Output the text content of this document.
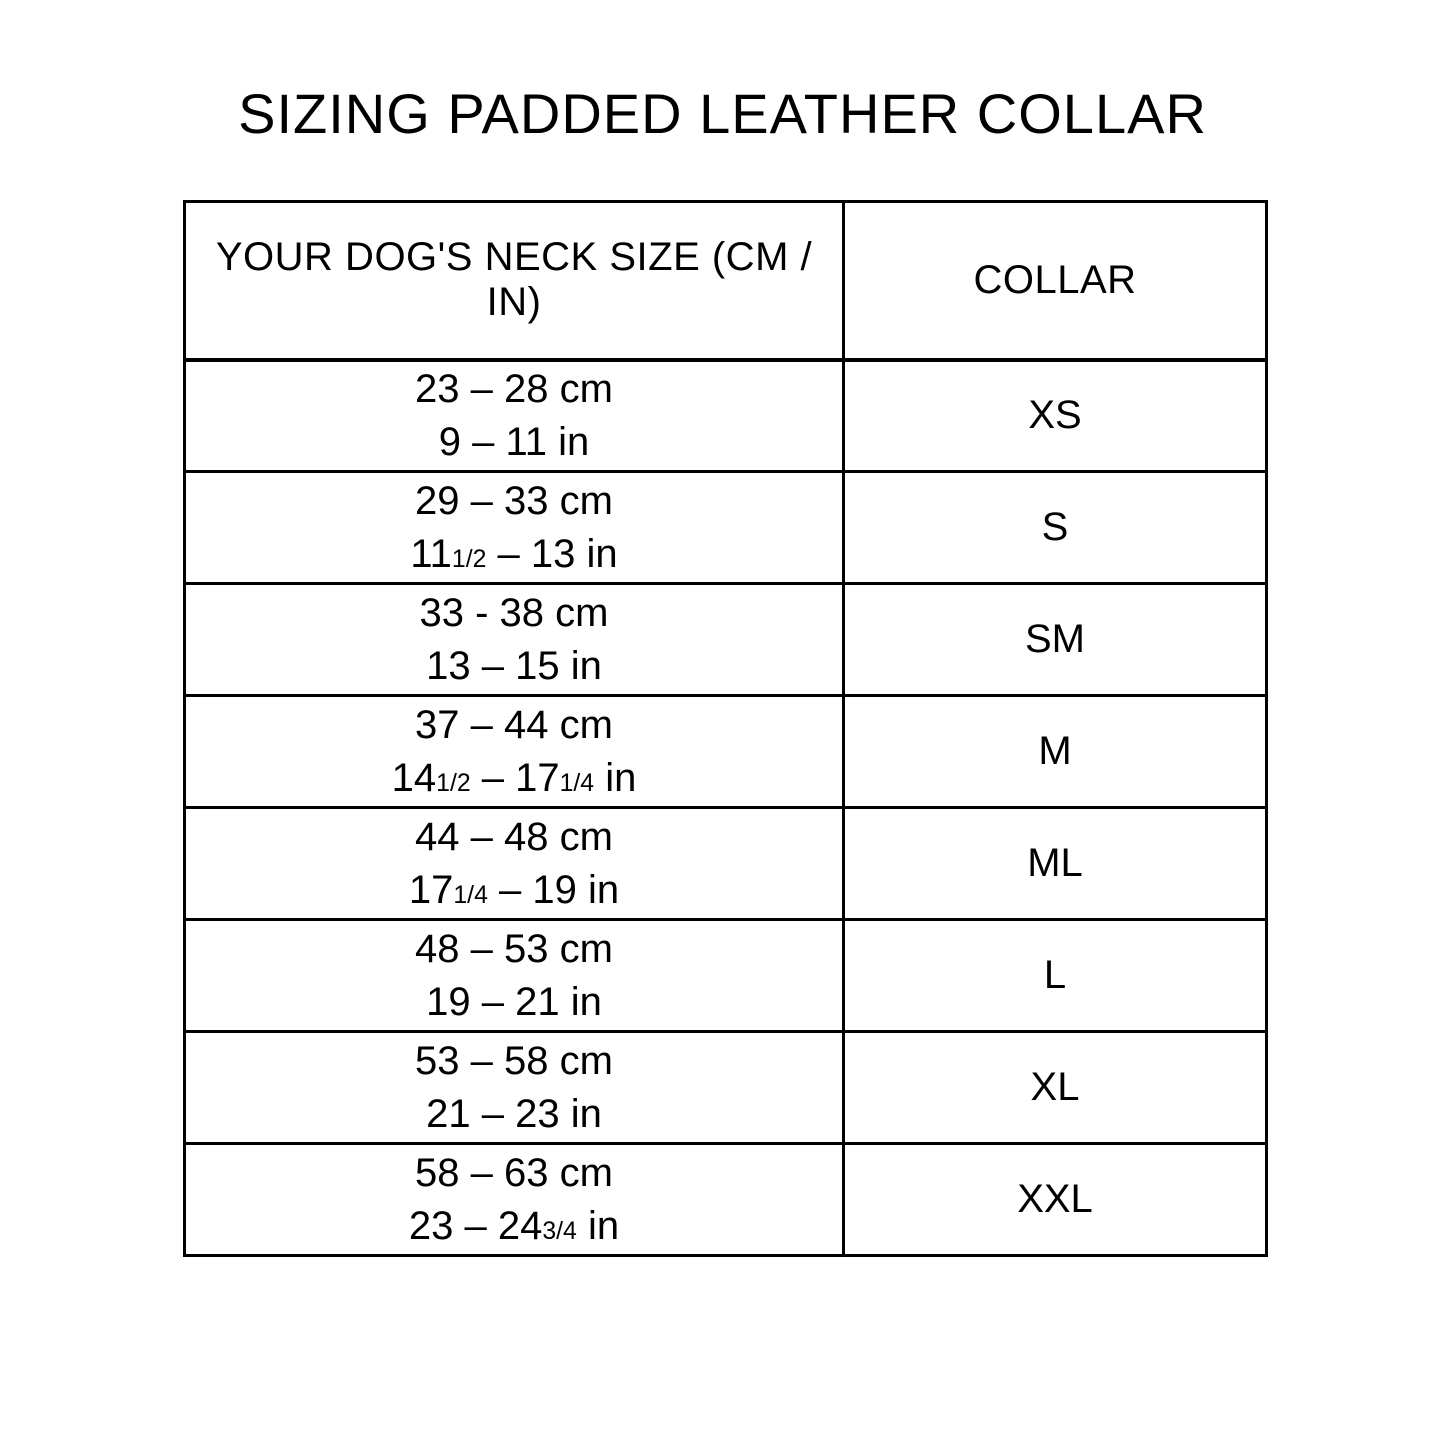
SIZING PADDED LEATHER COLLAR
YOUR DOG'S NECK SIZE (CM / IN)	COLLAR

23 – 28 cm
9 – 11 in	XS

29 – 33 cm
111/2 – 13 in	S

33 - 38 cm
13 – 15 in	SM

37 – 44 cm
141/2 – 171/4 in	M

44 – 48 cm
171/4 – 19 in	ML

48 – 53 cm
19 – 21 in	L

53 – 58 cm
21 – 23 in	XL

58 – 63 cm
23 – 243/4 in	XXL
